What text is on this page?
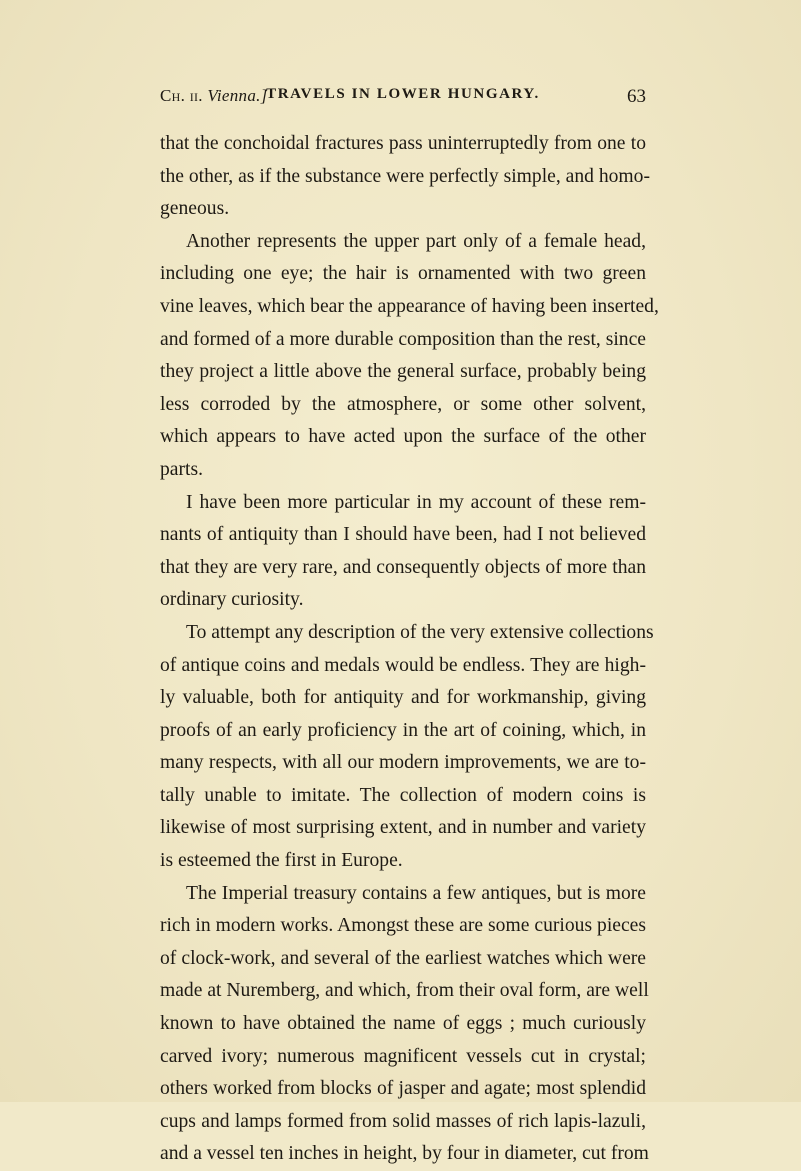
Ch. ii. Vienna.]
TRAVELS IN LOWER HUNGARY.	63
that the conchoidal fractures pass uninterruptedly from one to
the other, as if the substance were perfectly simple, and homo-
geneous.
Another represents the upper part only of a female head,
including one eye; the hair is ornamented with two green
vine leaves, which bear the appearance of having been inserted,
and formed of a more durable composition than the rest, since
they project a little above the general surface, probably being
less corroded by the atmosphere, or some other solvent,
which appears to have acted upon the surface of the other
parts.
I have been more particular in my account of these rem-
nants of antiquity than I should have been, had I not believed
that they are very rare, and consequently objects of more than
ordinary curiosity.
To attempt any description of the very extensive collections
of antique coins and medals would be endless. They are high-
ly valuable, both for antiquity and for workmanship, giving
proofs of an early proficiency in the art of coining, which, in
many respects, with all our modern improvements, we are to-
tally unable to imitate. The collection of modern coins is
likewise of most surprising extent, and in number and variety
is esteemed the first in Europe.
The Imperial treasury contains a few antiques, but is more
rich in modern works. Amongst these are some curious pieces
of clock-work, and several of the earliest watches which were
made at Nuremberg, and which, from their oval form, are well
known to have obtained the name of eggs ; much curiously
carved ivory; numerous magnificent vessels cut in crystal;
others worked from blocks of jasper and agate; most splendid
cups and lamps formed from solid masses of rich lapis-lazuli,
and a vessel ten inches in height, by four in diameter, cut from
